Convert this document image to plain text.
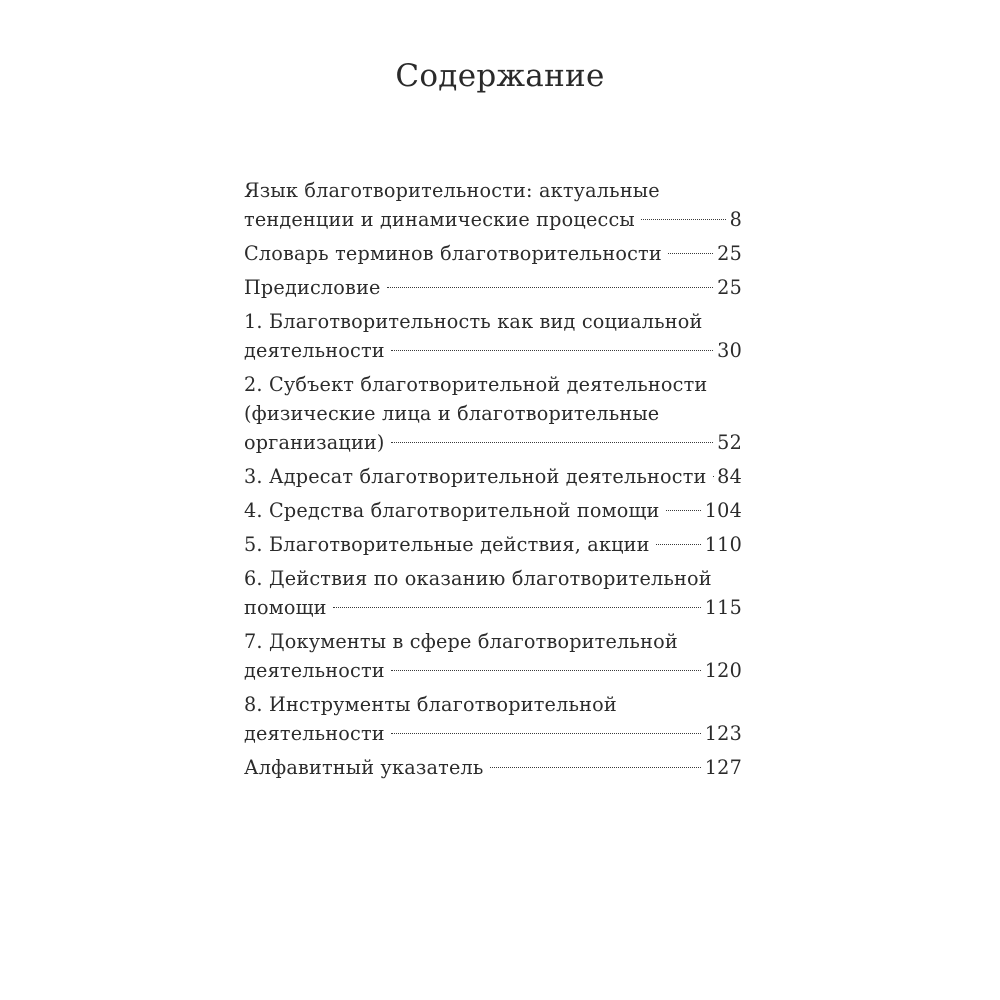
Содержание
Язык благотворительности: актуальные
тенденции и динамические процессы	8
Словарь терминов благотворительности	25
Предисловие	25
1. Благотворительность как вид социальной
деятельности	30
2. Субъект благотворительной деятельности
(физические лица и благотворительные
организации)	52
3. Адресат благотворительной деятельности 84
4. Средства благотворительной помощи 104
5. Благотворительные действия, акции	110
6. Действия по оказанию благотворительной
помощи	115
7. Документы в сфере благотворительной
деятельности	120
8. Инструменты благотворительной
деятельности	123
Алфавитный указатель	127
